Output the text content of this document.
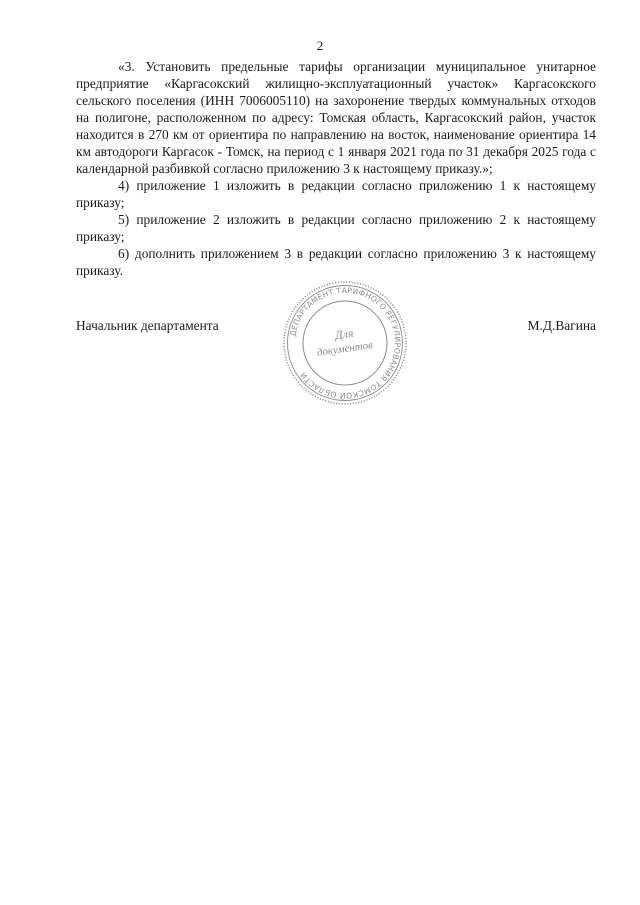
2

«3. Установить предельные тарифы организации муниципальное унитарное предприятие «Каргасокский жилищно-эксплуатационный участок» Каргасокского сельского поселения (ИНН 7006005110) на захоронение твердых коммунальных отходов на полигоне, расположенном по адресу: Томская область, Каргасокский район, участок находится в 270 км от ориентира по направлению на восток, наименование ориентира 14 км автодороги Каргасок - Томск, на период с 1 января 2021 года по 31 декабря 2025 года с календарной разбивкой согласно приложению 3 к настоящему приказу.»;

4) приложение 1 изложить в редакции согласно приложению 1 к настоящему приказу;

5) приложение 2 изложить в редакции согласно приложению 2 к настоящему приказу;

6) дополнить приложением 3 в редакции согласно приложению 3 к настоящему приказу.

Начальник департамента	М.Д.Вагина
ДЕПАРТАМЕНТ ТАРИФНОГО РЕГУЛИРОВАНИЯ ТОМСКОЙ ОБЛАСТИ
Для
документов
